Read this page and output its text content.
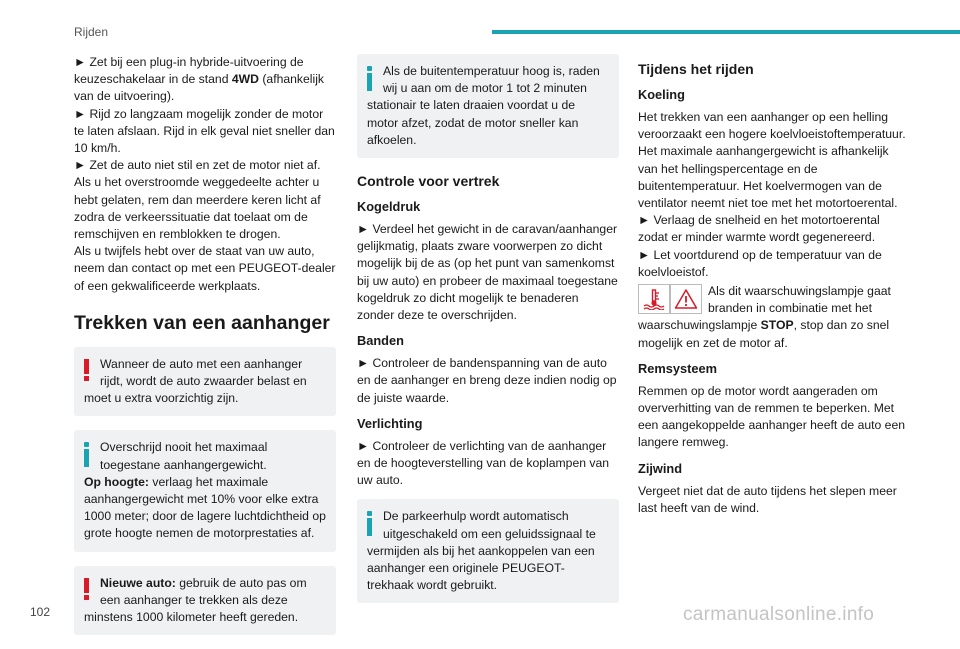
Rijden

► Zet bij een plug-in hybride-uitvoering de keuzeschakelaar in de stand 4WD (afhankelijk van de uitvoering).

► Rijd zo langzaam mogelijk zonder de motor te laten afslaan. Rijd in elk geval niet sneller dan 10 km/h.

► Zet de auto niet stil en zet de motor niet af.

Als u het overstroomde weggedeelte achter u hebt gelaten, rem dan meerdere keren licht af zodra de verkeerssituatie dat toelaat om de remschijven en remblokken te drogen.

Als u twijfels hebt over de staat van uw auto, neem dan contact op met een PEUGEOT-dealer of een gekwalificeerde werkplaats.

Trekken van een aanhanger
Wanneer de auto met een aanhanger rijdt, wordt de auto zwaarder belast en moet u extra voorzichtig zijn.
Overschrijd nooit het maximaal toegestane aanhangergewicht.
Op hoogte: verlaag het maximale aanhangergewicht met 10% voor elke extra 1000 meter; door de lagere luchtdichtheid op grote hoogte nemen de motorprestaties af.
Nieuwe auto: gebruik de auto pas om een aanhanger te trekken als deze minstens 1000 kilometer heeft gereden.
Als de buitentemperatuur hoog is, raden wij u aan om de motor 1 tot 2 minuten stationair te laten draaien voordat u de motor afzet, zodat de motor sneller kan afkoelen.
Controle voor vertrek
Kogeldruk

► Verdeel het gewicht in de caravan/aanhanger gelijkmatig, plaats zware voorwerpen zo dicht mogelijk bij de as (op het punt van samenkomst bij uw auto) en probeer de maximaal toegestane kogeldruk zo dicht mogelijk te benaderen zonder deze te overschrijden.

Banden

► Controleer de bandenspanning van de auto en de aanhanger en breng deze indien nodig op de juiste waarde.

Verlichting

► Controleer de verlichting van de aanhanger en de hoogteverstelling van de koplampen van uw auto.

De parkeerhulp wordt automatisch uitgeschakeld om een geluidssignaal te vermijden als bij het aankoppelen van een aanhanger een originele PEUGEOT-trekhaak wordt gebruikt.
Tijdens het rijden
Koeling

Het trekken van een aanhanger op een helling veroorzaakt een hogere koelvloeistoftemperatuur.

Het maximale aanhangergewicht is afhankelijk van het hellingspercentage en de buitentemperatuur. Het koelvermogen van de ventilator neemt niet toe met het motortoerental.

► Verlaag de snelheid en het motortoerental zodat er minder warmte wordt gegenereerd.

► Let voortdurend op de temperatuur van de koelvloeistof.

Als dit waarschuwingslampje gaat branden in combinatie met het waarschuwingslampje STOP, stop dan zo snel mogelijk en zet de motor af.

Remsysteem

Remmen op de motor wordt aangeraden om oververhitting van de remmen te beperken. Met een aangekoppelde aanhanger heeft de auto een langere remweg.

Zijwind

Vergeet niet dat de auto tijdens het slepen meer last heeft van de wind.

102	carmanualsonline.info
